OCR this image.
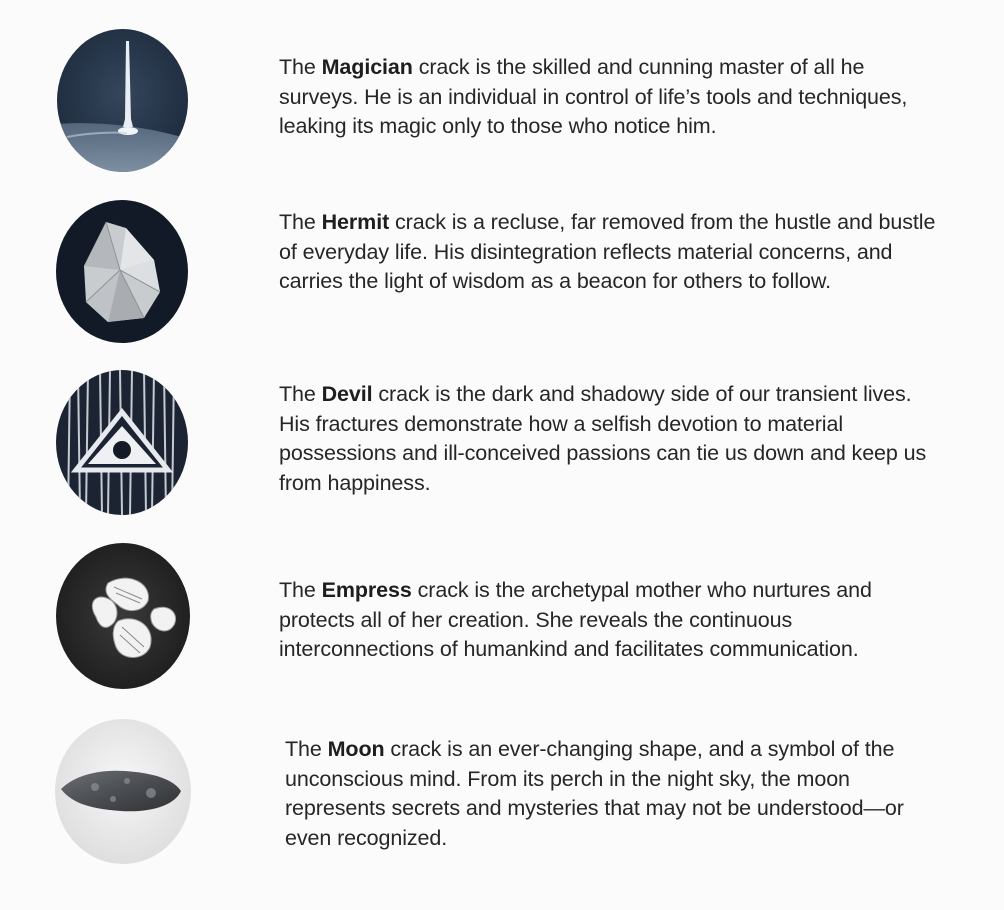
The Magician crack is the skilled and cunning master of all he surveys. He is an individual in control of life’s tools and techniques, leaking its magic only to those who notice him.

The Hermit crack is a recluse, far removed from the hustle and bustle of everyday life. His disintegration reflects material concerns, and carries the light of wisdom as a beacon for others to follow.

The Devil crack is the dark and shadowy side of our transient lives. His fractures demonstrate how a selfish devotion to material possessions and ill-conceived passions can tie us down and keep us from happiness.

The Empress crack is the archetypal mother who nurtures and protects all of her creation. She reveals the continuous interconnections of humankind and facilitates communication.

The Moon crack is an ever-changing shape, and a symbol of the unconscious mind. From its perch in the night sky, the moon represents secrets and mysteries that may not be understood—or even recognized.
